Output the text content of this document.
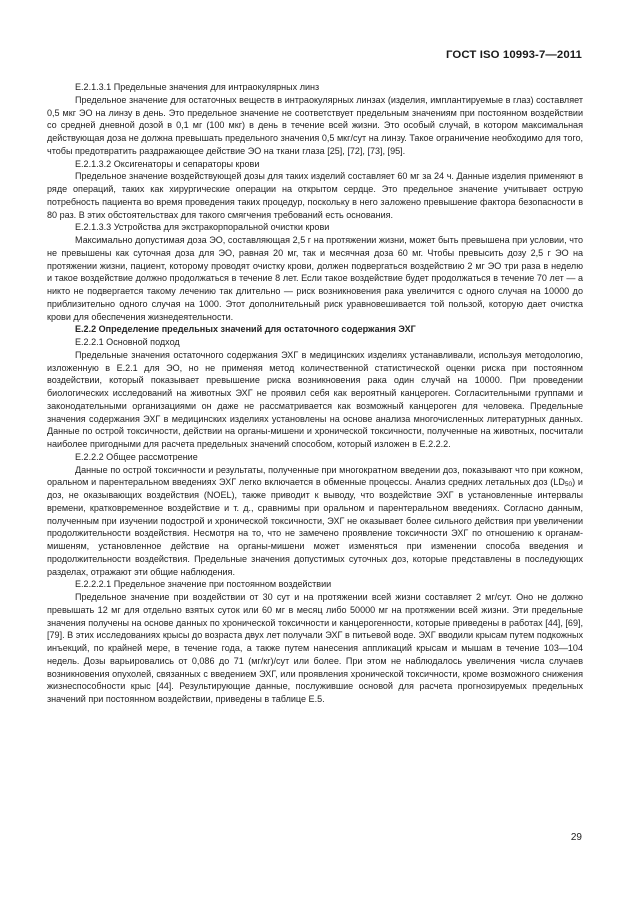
ГОСТ ISO 10993-7—2011

Е.2.1.3.1 Предельные значения для интраокулярных линз

Предельное значение для остаточных веществ в интраокулярных линзах (изделия, имплантируемые в глаз) составляет 0,5 мкг ЭО на линзу в день. Это предельное значение не соответствует предельным значениям при постоянном воздействии со средней дневной дозой в 0,1 мг (100 мкг) в день в течение всей жизни. Это особый случай, в котором максимальная действующая доза не должна превышать предельного значения 0,5 мкг/сут на линзу. Такое ограничение необходимо для того, чтобы предотвратить раздражающее действие ЭО на ткани глаза [25], [72], [73], [95].

Е.2.1.3.2 Оксигенаторы и сепараторы крови

Предельное значение воздействующей дозы для таких изделий составляет 60 мг за 24 ч. Данные изделия применяют в ряде операций, таких как хирургические операции на открытом сердце. Это предельное значение учитывает острую потребность пациента во время проведения таких процедур, поскольку в него заложено превышение фактора безопасности в 80 раз. В этих обстоятельствах для такого смягчения требований есть основания.

Е.2.1.3.3 Устройства для экстракорпоральной очистки крови

Максимально допустимая доза ЭО, составляющая 2,5 г на протяжении жизни, может быть превышена при условии, что не превышены как суточная доза для ЭО, равная 20 мг, так и месячная доза 60 мг. Чтобы превысить дозу 2,5 г ЭО на протяжении жизни, пациент, которому проводят очистку крови, должен подвергаться воздействию 2 мг ЭО три раза в неделю и такое воздействие должно продолжаться в течение 8 лет. Если такое воздействие будет продолжаться в течение 70 лет — а никто не подвергается такому лечению так длительно — риск возникновения рака увеличится с одного случая на 10000 до приблизительно одного случая на 1000. Этот дополнительный риск уравновешивается той пользой, которую дает очистка крови для обеспечения жизнедеятельности.

Е.2.2 Определение предельных значений для остаточного содержания ЭХГ

Е.2.2.1 Основной подход

Предельные значения остаточного содержания ЭХГ в медицинских изделиях устанавливали, используя методологию, изложенную в Е.2.1 для ЭО, но не применяя метод количественной статистической оценки риска при постоянном воздействии, который показывает превышение риска возникновения рака один случай на 10000. При проведении биологических исследований на животных ЭХГ не проявил себя как вероятный канцероген. Согласительными группами и законодательными организациями он даже не рассматривается как возможный канцероген для человека. Предельные значения содержания ЭХГ в медицинских изделиях установлены на основе анализа многочисленных литературных данных. Данные по острой токсичности, действии на органы-мишени и хронической токсичности, полученные на животных, посчитали наиболее пригодными для расчета предельных значений способом, который изложен в Е.2.2.2.

Е.2.2.2 Общее рассмотрение

Данные по острой токсичности и результаты, полученные при многократном введении доз, показывают что при кожном, оральном и парентеральном введениях ЭХГ легко включается в обменные процессы. Анализ средних летальных доз $(LD_{50})$ и доз, не оказывающих воздействия (NOEL), также приводит к выводу, что воздействие ЭХГ в установленные интервалы времени, кратковременное воздействие и т. д., сравнимы при оральном и парентеральном введениях. Согласно данным, полученным при изучении подострой и хронической токсичности, ЭХГ не оказывает более сильного действия при увеличении продолжительности воздействия. Несмотря на то, что не замечено проявление токсичности ЭХГ по отношению к органам-мишеням, установленное действие на органы-мишени может изменяться при изменении способа введения и продолжительности воздействия. Предельные значения допустимых суточных доз, которые представлены в последующих разделах, отражают эти общие наблюдения.

Е.2.2.2.1 Предельное значение при постоянном воздействии

Предельное значение при воздействии от 30 сут и на протяжении всей жизни составляет 2 мг/сут. Оно не должно превышать 12 мг для отдельно взятых суток или 60 мг в месяц либо 50000 мг на протяжении всей жизни. Эти предельные значения получены на основе данных по хронической токсичности и канцерогенности, которые приведены в работах [44], [69], [79]. В этих исследованиях крысы до возраста двух лет получали ЭХГ в питьевой воде. ЭХГ вводили крысам путем подкожных инъекций, по крайней мере, в течение года, а также путем нанесения аппликаций крысам и мышам в течение 103—104 недель. Дозы варьировались от 0,086 до 71 (мг/кг)/сут или более. При этом не наблюдалось увеличения числа случаев возникновения опухолей, связанных с введением ЭХГ, или проявления хронической токсичности, кроме возможного снижения жизнеспособности крыс [44]. Результирующие данные, послужившие основой для расчета прогнозируемых предельных значений при постоянном воздействии, приведены в таблице Е.5.

29
